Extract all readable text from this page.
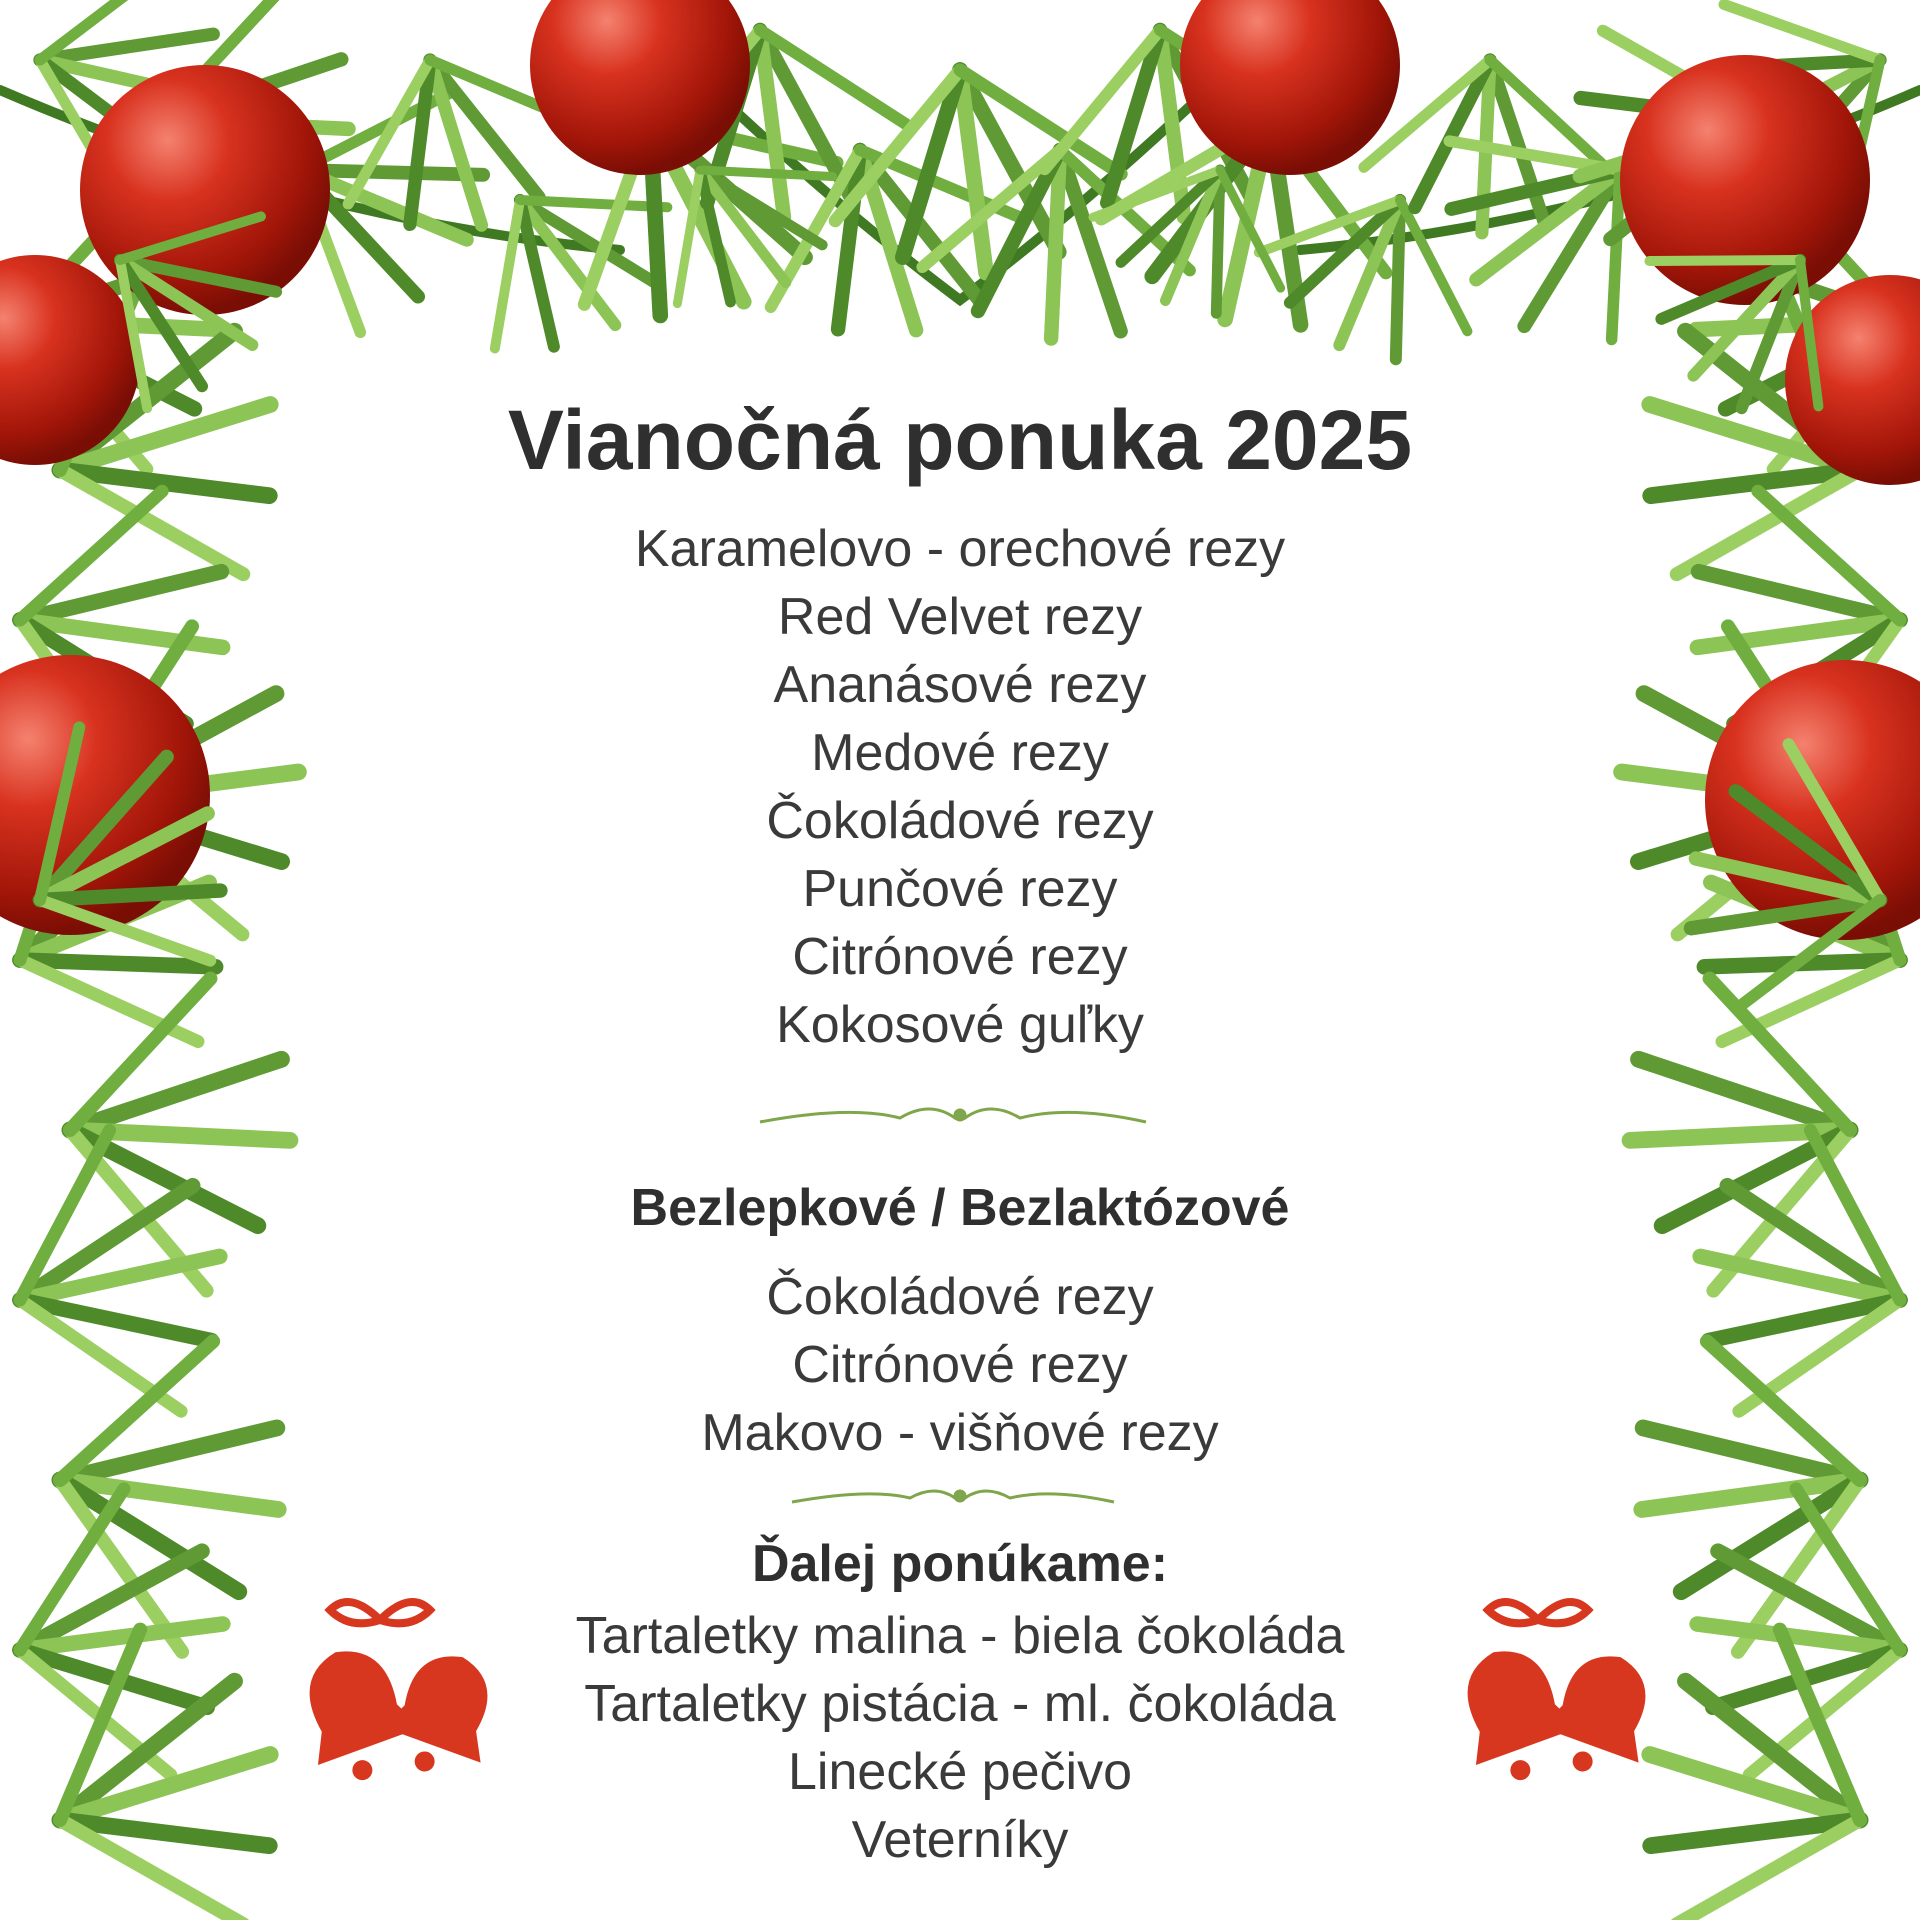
Vianočná ponuka 2025
Karamelovo - orechové rezy
Red Velvet rezy
Ananásové rezy
Medové rezy
Čokoládové rezy
Punčové rezy
Citrónové rezy
Kokosové guľky
Bezlepkové / Bezlaktózové
Čokoládové rezy
Citrónové rezy
Makovo - višňové rezy
Ďalej ponúkame:
Tartaletky malina - biela čokoláda
Tartaletky pistácia - ml. čokoláda
Linecké pečivo
Veterníky
